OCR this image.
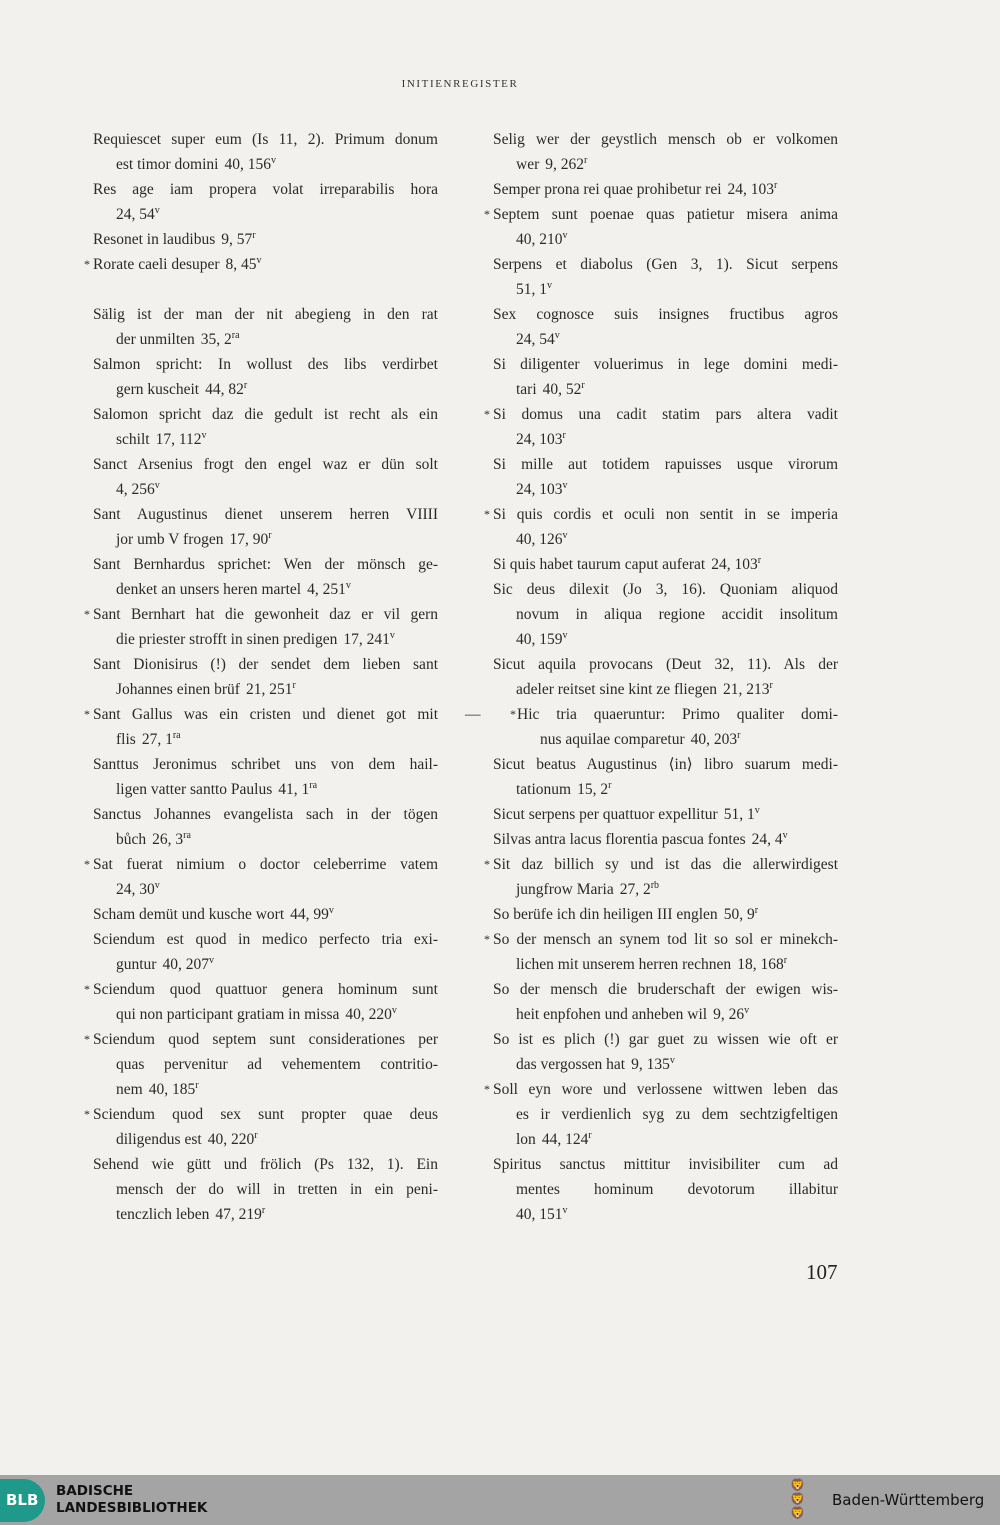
INITIENREGISTER
Requiescet super eum (Is 11, 2). Primum donum
est timor domini 40, 156$^v$
Res age iam propera volat irreparabilis hora
24, 54$^v$
Resonet in laudibus 9, 57$^r$
* Rorate caeli desuper 8, 45$^v$
Sälig ist der man der nit abegieng in den rat
der unmilten 35, $2^{ra}$
Salmon spricht: In wollust des libs verdirbet
gern kuscheit 44, 82$^r$
Salomon spricht daz die gedult ist recht als ein
schilt 17, 112$^v$
Sanct Arsenius frogt den engel waz er dün solt
4, 256$^v$
Sant Augustinus dienet unserem herren VIIII
jor umb V frogen 17, 90$^r$
Sant Bernhardus sprichet: Wen der mönsch ge-
denket an unsers heren martel 4, 251$^v$
* Sant Bernhart hat die gewonheit daz er vil gern
die priester strofft in sinen predigen 17, 241$^v$
Sant Dionisirus (!) der sendet dem lieben sant
Johannes einen brüf 21, 251$^r$
* Sant Gallus was ein cristen und dienet got mit
flis 27, $1^{ra}$
Santtus Jeronimus schribet uns von dem hail-
ligen vatter santto Paulus 41, $1^{ra}$
Sanctus Johannes evangelista sach in der tögen
bůch 26, $3^{ra}$
* Sat fuerat nimium o doctor celeberrime vatem
24, 30$^v$
Scham demüt und kusche wort 44, 99$^v$
Sciendum est quod in medico perfecto tria exi-
guntur 40, 207$^v$
* Sciendum quod quattuor genera hominum sunt
qui non participant gratiam in missa 40, 220$^v$
* Sciendum quod septem sunt considerationes per
quas pervenitur ad vehementem contritio-
nem 40, 185$^r$
* Sciendum quod sex sunt propter quae deus
diligendus est 40, 220$^r$
Sehend wie gütt und frölich (Ps 132, 1). Ein
mensch der do will in tretten in ein peni-
tenczlich leben 47, 219$^r$
Selig wer der geystlich mensch ob er volkomen
wer 9, 262$^r$
Semper prona rei quae prohibetur rei 24, 103$^r$
* Septem sunt poenae quas patietur misera anima
40, 210$^v$
Serpens et diabolus (Gen 3, 1). Sicut serpens
51, 1$^v$
Sex cognosce suis insignes fructibus agros
24, 54$^v$
Si diligenter voluerimus in lege domini medi-
tari 40, 52$^r$
* Si domus una cadit statim pars altera vadit
24, 103$^r$
Si mille aut totidem rapuisses usque virorum
24, 103$^v$
* Si quis cordis et oculi non sentit in se imperia
40, 126$^v$
Si quis habet taurum caput auferat 24, 103$^r$
Sic deus dilexit (Jo 3, 16). Quoniam aliquod
novum in aliqua regione accidit insolitum
40, 159$^v$
Sicut aquila provocans (Deut 32, 11). Als der
adeler reitset sine kint ze fliegen 21, 213$^r$
— * Hic tria quaeruntur: Primo qualiter domi-
nus aquilae comparetur 40, 203$^r$
Sicut beatus Augustinus ⟨in⟩ libro suarum medi-
tationum 15, 2$^r$
Sicut serpens per quattuor expellitur 51, 1$^v$
Silvas antra lacus florentia pascua fontes 24, 4$^v$
* Sit daz billich sy und ist das die allerwirdigest
jungfrow Maria 27, $2^{rb}$
So berüfe ich din heiligen III englen 50, 9$^r$
* So der mensch an synem tod lit so sol er minekch-
lichen mit unserem herren rechnen 18, 168$^r$
So der mensch die bruderschaft der ewigen wis-
heit enpfohen und anheben wil 9, 26$^v$
So ist es plich (!) gar guet zu wissen wie oft er
das vergossen hat 9, 135$^v$
* Soll eyn wore und verlossene wittwen leben das
es ir verdienlich syg zu dem sechtzigfeltigen
lon 44, 124$^r$
Spiritus sanctus mittitur invisibiliter cum ad
mentes hominum devotorum illabitur
40, 151$^v$
107
BLB	BADISCHE
LANDESBIBLIOTHEK
🦁
🦁
🦁
Baden-Württemberg
